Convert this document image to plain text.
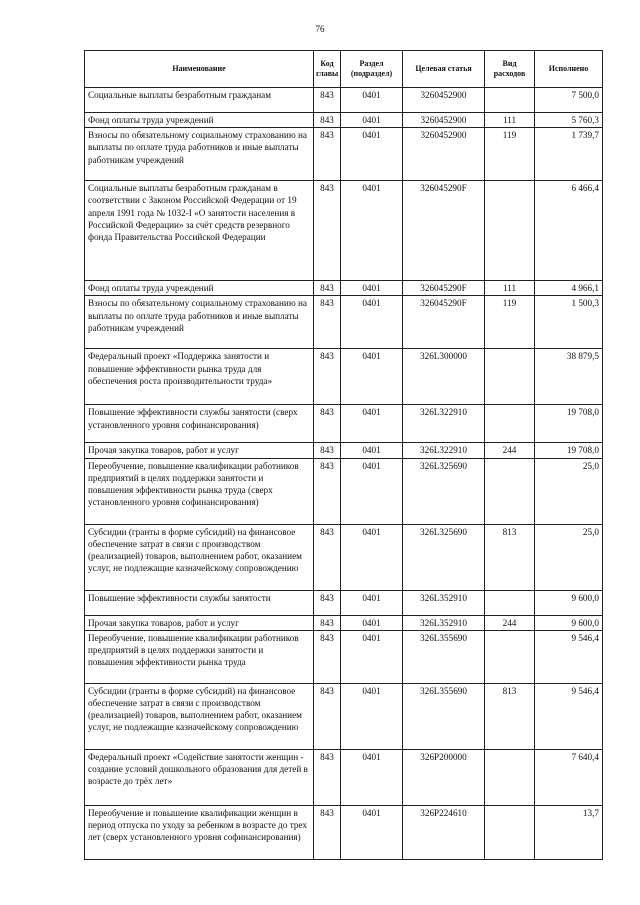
76
Наименование	Код главы	Раздел (подраздел)	Целевая статья	Вид расходов	Исполнено
Социальные выплаты безработным гражданам	843	0401	3260452900		7 500,0
Фонд оплаты труда учреждений	843	0401	3260452900	111	5 760,3
Взносы по обязательному социальному страхованию на выплаты по оплате труда работников и иные выплаты работникам учреждений	843	0401	3260452900	119	1 739,7
Социальные выплаты безработным гражданам в соответствии с Законом Российской Федерации от 19 апреля 1991 года № 1032-I «О занятости населения в Российской Федерации» за счёт средств резервного фонда Правительства Российской Федерации	843	0401	326045290F		6 466,4
Фонд оплаты труда учреждений	843	0401	326045290F	111	4 966,1
Взносы по обязательному социальному страхованию на выплаты по оплате труда работников и иные выплаты работникам учреждений	843	0401	326045290F	119	1 500,3
Федеральный проект «Поддержка занятости и повышение эффективности рынка труда для обеспечения роста производительности труда»	843	0401	326L300000		38 879,5
Повышение эффективности службы занятости (сверх установленного уровня софинансирования)	843	0401	326L322910		19 708,0
Прочая закупка товаров, работ и услуг	843	0401	326L322910	244	19 708,0
Переобучение, повышение квалификации работников предприятий в целях поддержки занятости и повышения эффективности рынка труда (сверх установленного уровня софинансирования)	843	0401	326L325690		25,0
Субсидии (гранты в форме субсидий) на финансовое обеспечение затрат в связи с производством (реализацией) товаров, выполнением работ, оказанием услуг, не подлежащие казначейскому сопровождению	843	0401	326L325690	813	25,0
Повышение эффективности службы занятости	843	0401	326L352910		9 600,0
Прочая закупка товаров, работ и услуг	843	0401	326L352910	244	9 600,0
Переобучение, повышение квалификации работников предприятий в целях поддержки занятости и повышения эффективности рынка труда	843	0401	326L355690		9 546,4
Субсидии (гранты в форме субсидий) на финансовое обеспечение затрат в связи с производством (реализацией) товаров, выполнением работ, оказанием услуг, не подлежащие казначейскому сопровождению	843	0401	326L355690	813	9 546,4
Федеральный проект «Содействие занятости женщин - создание условий дошкольного образования для детей в возрасте до трёх лет»	843	0401	326P200000		7 640,4
Переобучение и повышение квалификации женщин в период отпуска по уходу за ребенком в возрасте до трех лет (сверх установленного уровня софинансирования)	843	0401	326P224610		13,7
